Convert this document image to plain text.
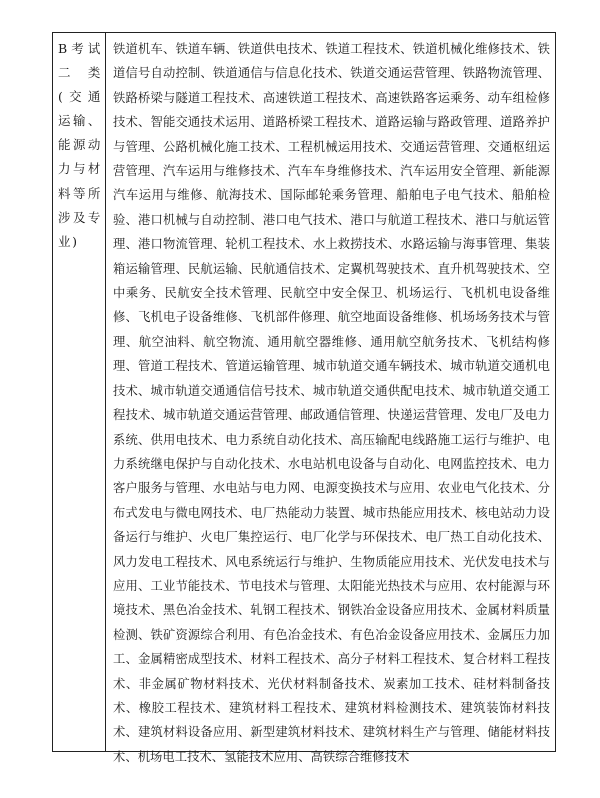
B考试二类(交通运输、能源动力与材料等所涉及专业)

铁道机车、铁道车辆、铁道供电技术、铁道工程技术、铁道机械化维修技术、铁道信号自动控制、铁道通信与信息化技术、铁道交通运营管理、铁路物流管理、铁路桥梁与隧道工程技术、高速铁道工程技术、高速铁路客运乘务、动车组检修技术、智能交通技术运用、道路桥梁工程技术、道路运输与路政管理、道路养护与管理、公路机械化施工技术、工程机械运用技术、交通运营管理、交通枢纽运营管理、汽车运用与维修技术、汽车车身维修技术、汽车运用安全管理、新能源汽车运用与维修、航海技术、国际邮轮乘务管理、船舶电子电气技术、船舶检验、港口机械与自动控制、港口电气技术、港口与航道工程技术、港口与航运管理、港口物流管理、轮机工程技术、水上救捞技术、水路运输与海事管理、集装箱运输管理、民航运输、民航通信技术、定翼机驾驶技术、直升机驾驶技术、空中乘务、民航安全技术管理、民航空中安全保卫、机场运行、飞机机电设备维修、飞机电子设备维修、飞机部件修理、航空地面设备维修、机场场务技术与管理、航空油料、航空物流、通用航空器维修、通用航空航务技术、飞机结构修理、管道工程技术、管道运输管理、城市轨道交通车辆技术、城市轨道交通机电技术、城市轨道交通通信信号技术、城市轨道交通供配电技术、城市轨道交通工程技术、城市轨道交通运营管理、邮政通信管理、快递运营管理、发电厂及电力系统、供用电技术、电力系统自动化技术、高压输配电线路施工运行与维护、电力系统继电保护与自动化技术、水电站机电设备与自动化、电网监控技术、电力客户服务与管理、水电站与电力网、电源变换技术与应用、农业电气化技术、分布式发电与微电网技术、电厂热能动力装置、城市热能应用技术、核电站动力设备运行与维护、火电厂集控运行、电厂化学与环保技术、电厂热工自动化技术、风力发电工程技术、风电系统运行与维护、生物质能应用技术、光伏发电技术与应用、工业节能技术、节电技术与管理、太阳能光热技术与应用、农村能源与环境技术、黑色冶金技术、轧钢工程技术、钢铁冶金设备应用技术、金属材料质量检测、铁矿资源综合利用、有色冶金技术、有色冶金设备应用技术、金属压力加工、金属精密成型技术、材料工程技术、高分子材料工程技术、复合材料工程技术、非金属矿物材料技术、光伏材料制备技术、炭素加工技术、硅材料制备技术、橡胶工程技术、建筑材料工程技术、建筑材料检测技术、建筑装饰材料技术、建筑材料设备应用、新型建筑材料技术、建筑材料生产与管理、储能材料技术、机场电工技术、氢能技术应用、高铁综合维修技术
